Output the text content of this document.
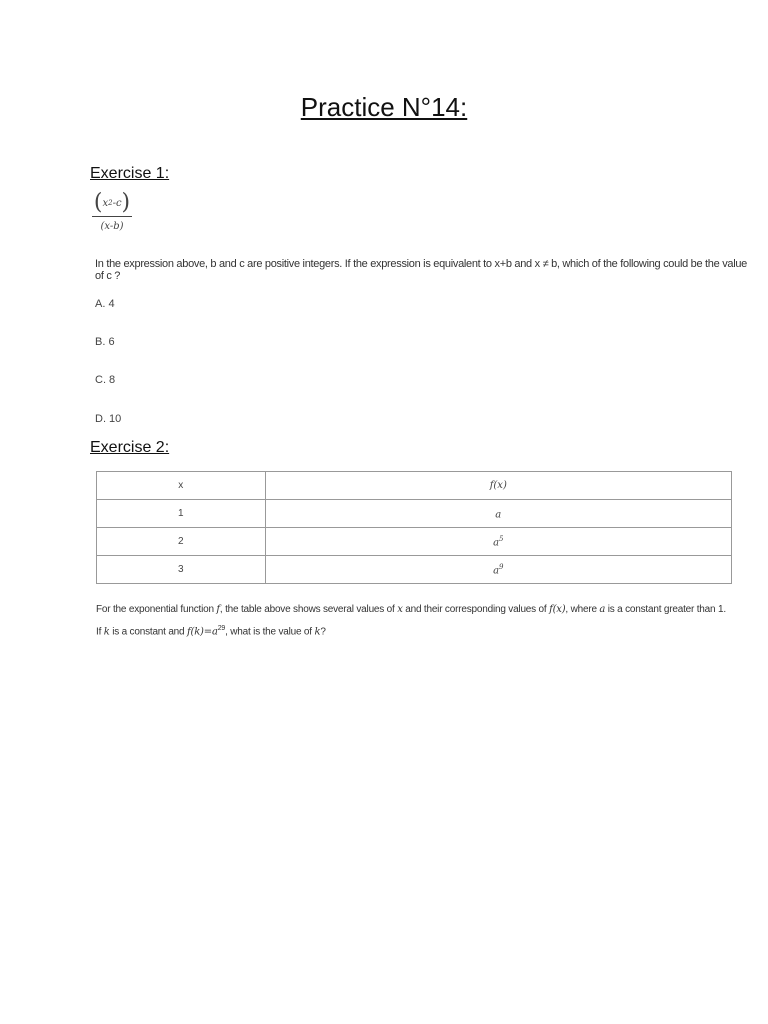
Practice N°14:
Exercise 1:
( x 2 -c )
(x-b)
In the expression above, b and c are positive integers. If the expression is equivalent to x+b and x ≠ b, which of the following could be the value of c ?
A. 4
B. 6
C. 8
D. 10
Exercise 2:
x	f(x)
1	a
2	$a^5$
3	$a^9$
For the exponential function f, the table above shows several values of x and their corresponding values of f(x), where a is a constant greater than 1.
If k is a constant and $f(k)=a^{29}$, what is the value of k?
